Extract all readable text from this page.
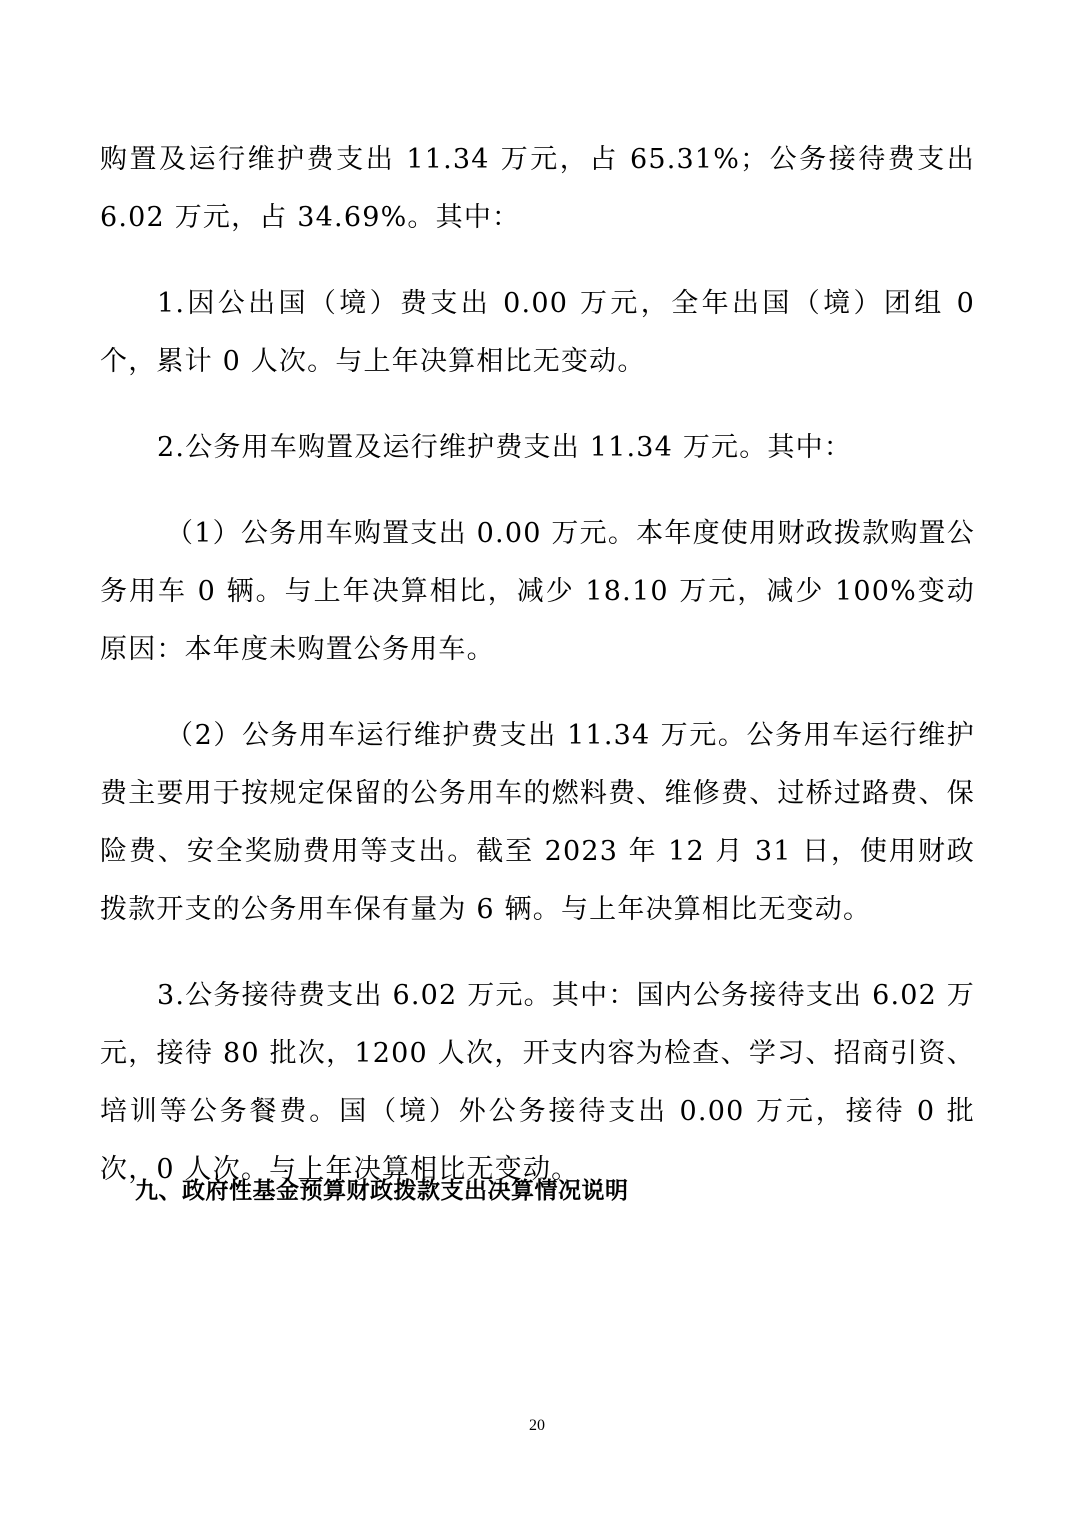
购置及运行维护费支出 11.34 万元，占 65.31%；公务接待费支出 6.02 万元，占 34.69%。其中：

1.因公出国（境）费支出 0.00 万元，全年出国（境）团组 0 个，累计 0 人次。与上年决算相比无变动。

2.公务用车购置及运行维护费支出 11.34 万元。其中：

（1）公务用车购置支出 0.00 万元。本年度使用财政拨款购置公务用车 0 辆。与上年决算相比，减少 18.10 万元，减少 100%变动原因：本年度未购置公务用车。

（2）公务用车运行维护费支出 11.34 万元。公务用车运行维护费主要用于按规定保留的公务用车的燃料费、维修费、过桥过路费、保险费、安全奖励费用等支出。截至 2023 年 12 月 31 日，使用财政拨款开支的公务用车保有量为 6 辆。与上年决算相比无变动。

3.公务接待费支出 6.02 万元。其中：国内公务接待支出 6.02 万元，接待 80 批次，1200 人次，开支内容为检查、学习、招商引资、培训等公务餐费。国（境）外公务接待支出 0.00 万元，接待 0 批次，0 人次。与上年决算相比无变动。

九、政府性基金预算财政拨款支出决算情况说明
20
